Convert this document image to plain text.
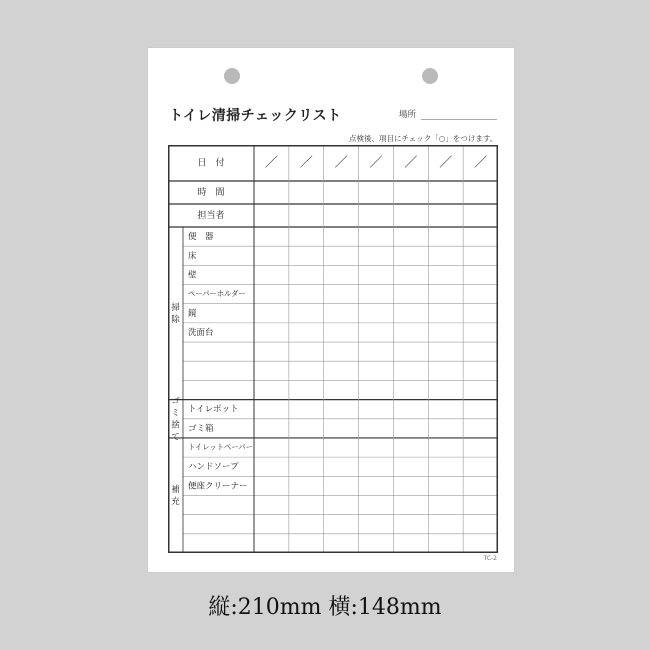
トイレ清掃チェックリスト	場所
点検後、項目にチェック「○」をつけます。
日　付	／ ／ ／ ／ ／ ／ ／
時　間
担当者
便　器
床
壁
ペーパーホルダー
鏡
洗面台
掃
除
トイレポット
ゴミ箱
ゴ
ミ
捨
て
トイレットペーパー
ハンドソープ
便座クリーナー
補
充
TC-2
縦:210mm 横:148mm
